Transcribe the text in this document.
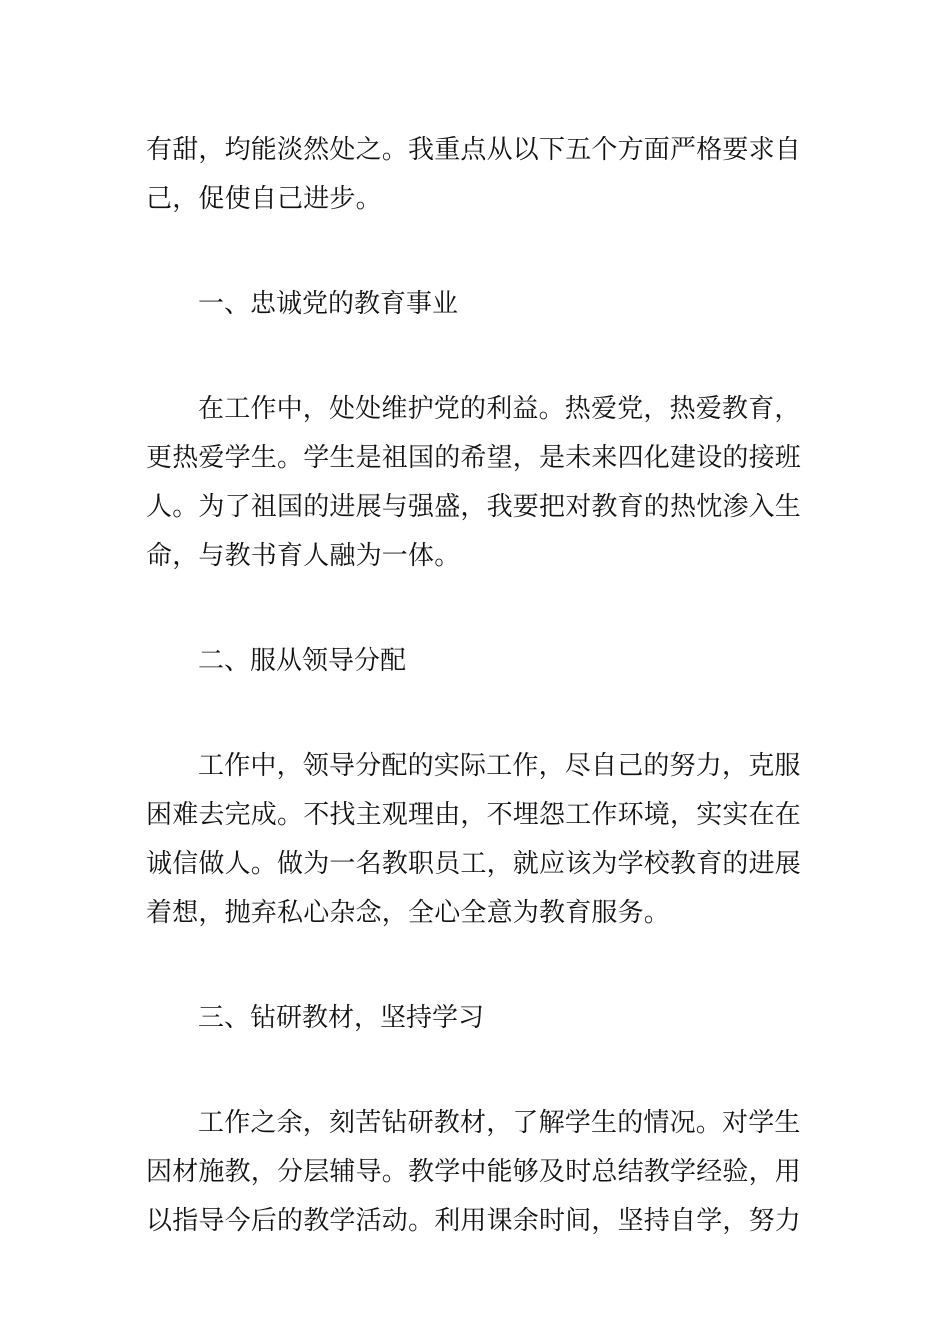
有甜，均能淡然处之。我重点从以下五个方面严格要求自己，促使自己进步。

一、忠诚党的教育事业

在工作中，处处维护党的利益。热爱党，热爱教育，更热爱学生。学生是祖国的希望，是未来四化建设的接班人。为了祖国的进展与强盛，我要把对教育的热忱渗入生命，与教书育人融为一体。

二、服从领导分配

工作中，领导分配的实际工作，尽自己的努力，克服困难去完成。不找主观理由，不埋怨工作环境，实实在在诚信做人。做为一名教职员工，就应该为学校教育的进展着想，抛弃私心杂念，全心全意为教育服务。

三、钻研教材，坚持学习

工作之余，刻苦钻研教材，了解学生的情况。对学生因材施教，分层辅导。教学中能够及时总结教学经验，用以指导今后的教学活动。利用课余时间，坚持自学，努力
